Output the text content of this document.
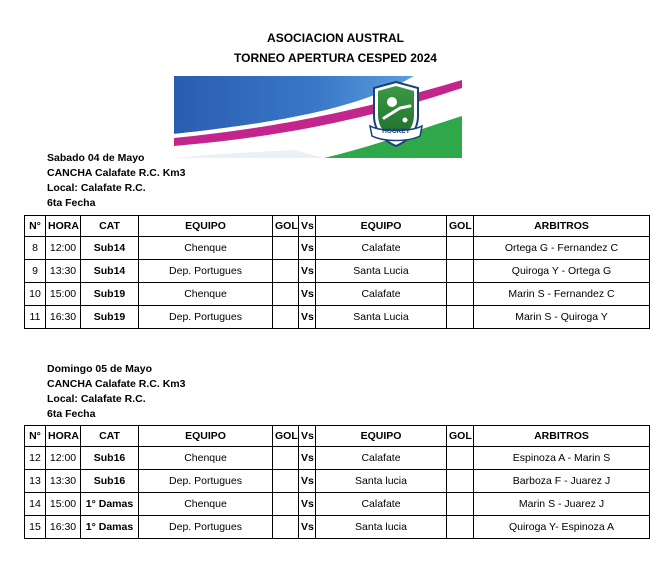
ASOCIACION AUSTRAL
TORNEO APERTURA CESPED 2024
HOCKEY
Sabado 04 de Mayo
CANCHA Calafate R.C. Km3
Local: Calafate R.C.
6ta Fecha
N°	HORA	CAT	EQUIPO	GOL	Vs	EQUIPO	GOL	ARBITROS
8	12:00	Sub14	Chenque		Vs	Calafate		Ortega G - Fernandez C
9	13:30	Sub14	Dep. Portugues		Vs	Santa Lucia		Quiroga Y - Ortega G
10	15:00	Sub19	Chenque		Vs	Calafate		Marin S - Fernandez C
11	16:30	Sub19	Dep. Portugues		Vs	Santa Lucia		Marin S - Quiroga Y
Domingo 05 de Mayo
CANCHA Calafate R.C. Km3
Local: Calafate R.C.
6ta Fecha
N°	HORA	CAT	EQUIPO	GOL	Vs	EQUIPO	GOL	ARBITROS
12	12:00	Sub16	Chenque		Vs	Calafate		Espinoza A - Marin S
13	13:30	Sub16	Dep. Portugues		Vs	Santa lucia		Barboza F - Juarez J
14	15:00	1° Damas	Chenque		Vs	Calafate		Marin S - Juarez J
15	16:30	1° Damas	Dep. Portugues		Vs	Santa lucia		Quiroga Y- Espinoza A
